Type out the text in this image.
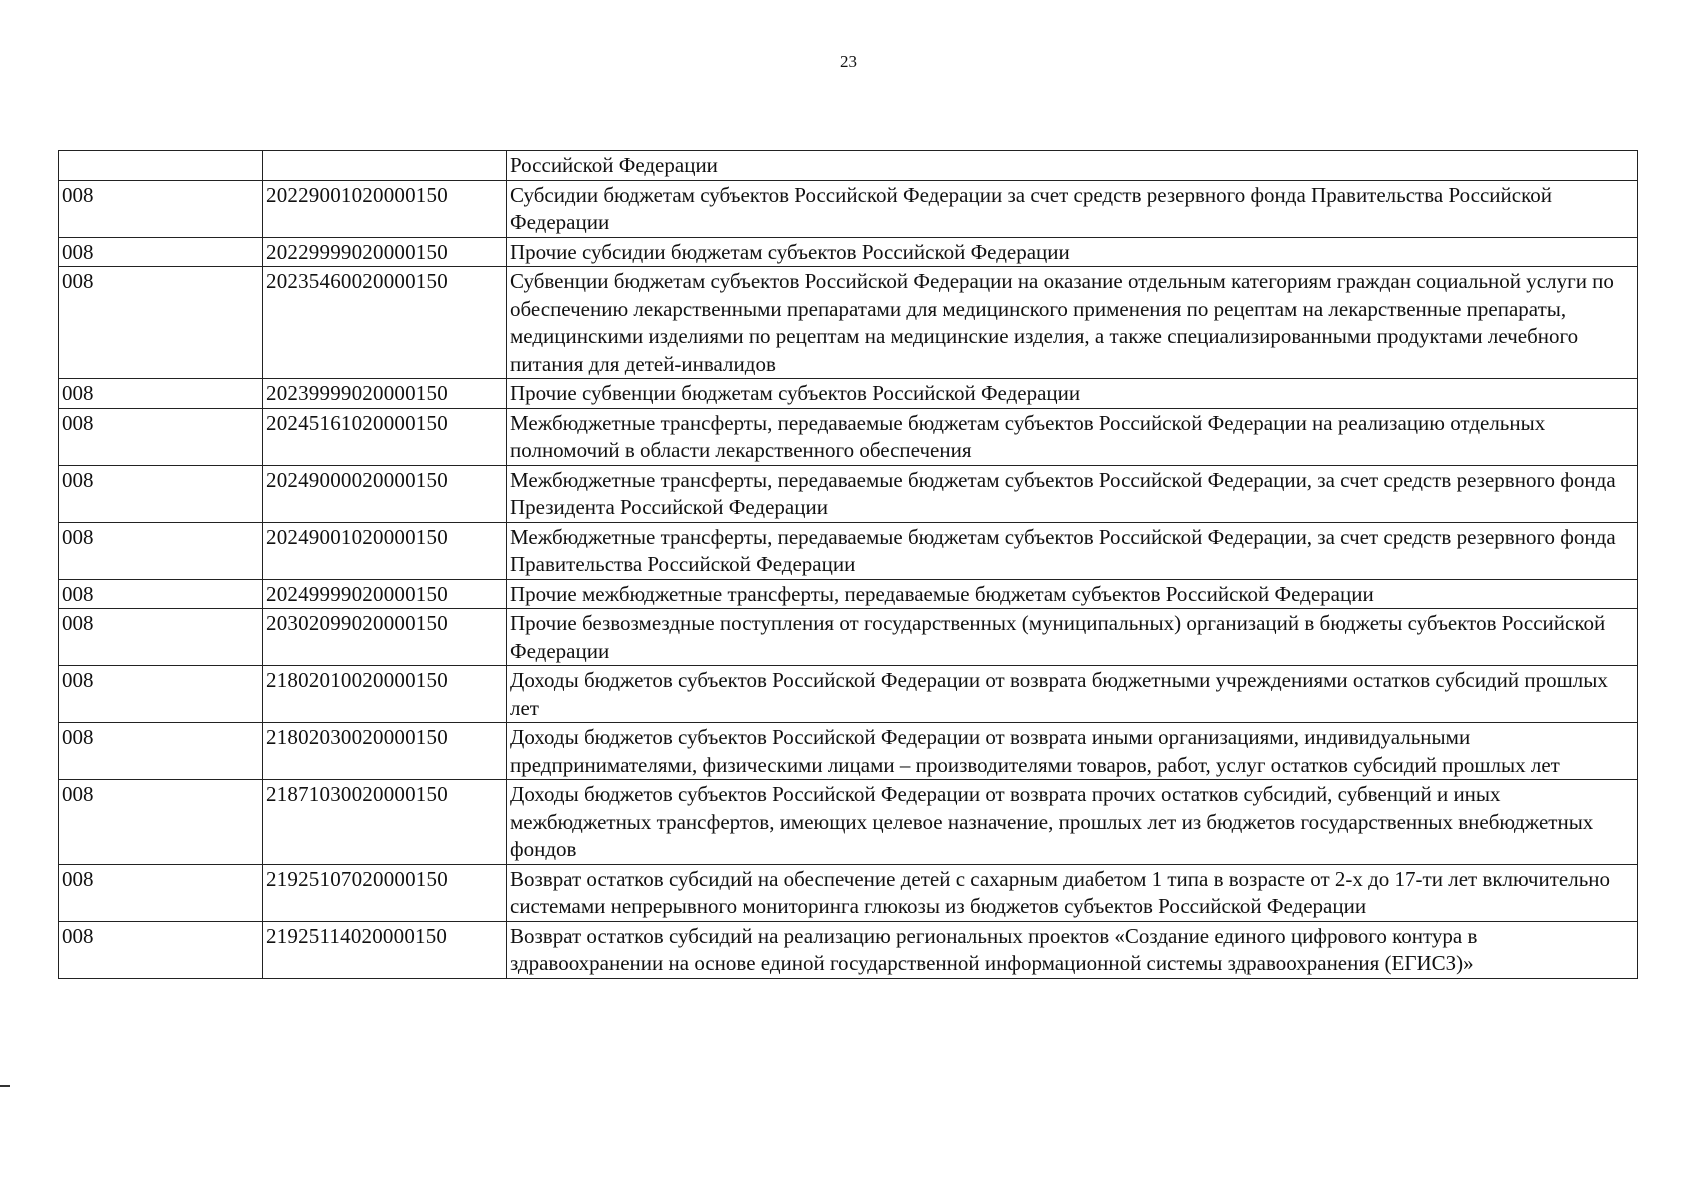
23
		Российской Федерации
008	20229001020000150	Субсидии бюджетам субъектов Российской Федерации за счет средств резервного фонда Правительства Российской Федерации
008	20229999020000150	Прочие субсидии бюджетам субъектов Российской Федерации
008	20235460020000150	Субвенции бюджетам субъектов Российской Федерации на оказание отдельным категориям граждан социальной услуги по обеспечению лекарственными препаратами для медицинского применения по рецептам на лекарственные препараты, медицинскими изделиями по рецептам на медицинские изделия, а также специализированными продуктами лечебного питания для детей-инвалидов
008	20239999020000150	Прочие субвенции бюджетам субъектов Российской Федерации
008	20245161020000150	Межбюджетные трансферты, передаваемые бюджетам субъектов Российской Федерации на реализацию отдельных полномочий в области лекарственного обеспечения
008	20249000020000150	Межбюджетные трансферты, передаваемые бюджетам субъектов Российской Федерации, за счет средств резервного фонда Президента Российской Федерации
008	20249001020000150	Межбюджетные трансферты, передаваемые бюджетам субъектов Российской Федерации, за счет средств резервного фонда Правительства Российской Федерации
008	20249999020000150	Прочие межбюджетные трансферты, передаваемые бюджетам субъектов Российской Федерации
008	20302099020000150	Прочие безвозмездные поступления от государственных (муниципальных) организаций в бюджеты субъектов Российской Федерации
008	21802010020000150	Доходы бюджетов субъектов Российской Федерации от возврата бюджетными учреждениями остатков субсидий прошлых лет
008	21802030020000150	Доходы бюджетов субъектов Российской Федерации от возврата иными организациями, индивидуальными предпринимателями, физическими лицами – производителями товаров, работ, услуг остатков субсидий прошлых лет
008	21871030020000150	Доходы бюджетов субъектов Российской Федерации от возврата прочих остатков субсидий, субвенций и иных межбюджетных трансфертов, имеющих целевое назначение, прошлых лет из бюджетов государственных внебюджетных фондов
008	21925107020000150	Возврат остатков субсидий на обеспечение детей с сахарным диабетом 1 типа в возрасте от 2-х до 17-ти лет включительно системами непрерывного мониторинга глюкозы из бюджетов субъектов Российской Федерации
008	21925114020000150	Возврат остатков субсидий на реализацию региональных проектов «Создание единого цифрового контура в здравоохранении на основе единой государственной информационной системы здравоохранения (ЕГИСЗ)»
